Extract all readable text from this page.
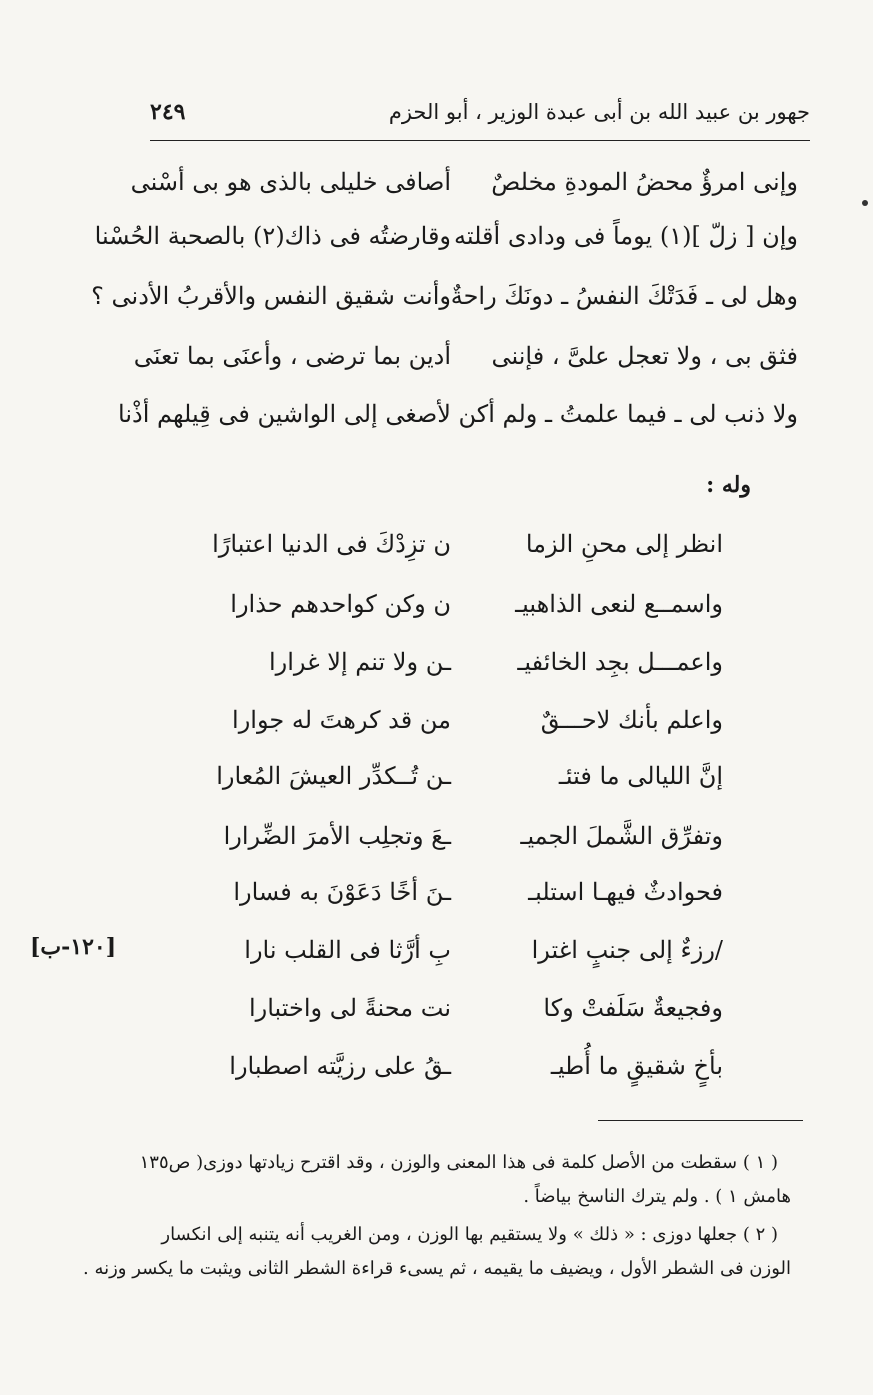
جهور بن عبيد الله بن أبى عبدة الوزير ، أبو الحزم
٢٤٩
وإنى امرؤٌ محضُ المودةِ مخلصٌ
أصافى خليلى بالذى هو بى أسْنى
وإن [ زلّ ](١) يوماً فى ودادى أقلته
وقارضتُه فى ذاك(٢) بالصحبة الحُسْنا
وهل لى ـ فَدَتْكَ النفسُ ـ دونَكَ راحةٌ
وأنت شقيق النفس والأقربُ الأدنى ؟
فثق بى ، ولا تعجل علىَّ ، فإننى
أدين بما ترضى ، وأعنَى بما تعنَى
ولا ذنب لى ـ فيما علمتُ ـ ولم أكن
لأصغى إلى الواشين فى قِيلهم أذْنا
وله :
انظر إلى محنِ الزما
ن تزِدْكَ فى الدنيا اعتبارًا
واسمــع لنعى الذاهبيـ
ن وكن كواحدهم حذارا
واعمـــل بجِد الخائفيـ
ـن ولا تنم إلا غرارا
واعلم بأنك لاحـــقٌ
من قد كرهتَ له جوارا
إنَّ الليالى ما فتئـ
ـن تُــكدِّر العيشَ المُعارا
وتفرِّق الشَّملَ الجميـ
ـعَ وتجلِب الأمرَ الضِّرارا
فحوادثٌ فيهـا استلبـ
ـنَ أخًا دَعَوْنَ به فسارا
/رزءٌ إلى جنبٍ اغترا
بِ أرَّثا فى القلب نارا
[١٢٠-ب]
وفجيعةٌ سَلَفتْ وكا
نت محنةً لى واختبارا
بأخٍ شقيقٍ ما أُطيـ
ـقُ على رزيَّته اصطبارا
( ١ ) سقطت من الأصل كلمة فى هذا المعنى والوزن ، وقد اقترح زيادتها دوزى( ص١٣٥
هامش ١ ) . ولم يترك الناسخ بياضاً .
( ٢ ) جعلها دوزى : « ذلك » ولا يستقيم بها الوزن ، ومن الغريب أنه يتنبه إلى انكسار
الوزن فى الشطر الأول ، ويضيف ما يقيمه ، ثم يسىء قراءة الشطر الثانى ويثبت ما يكسر وزنه .
